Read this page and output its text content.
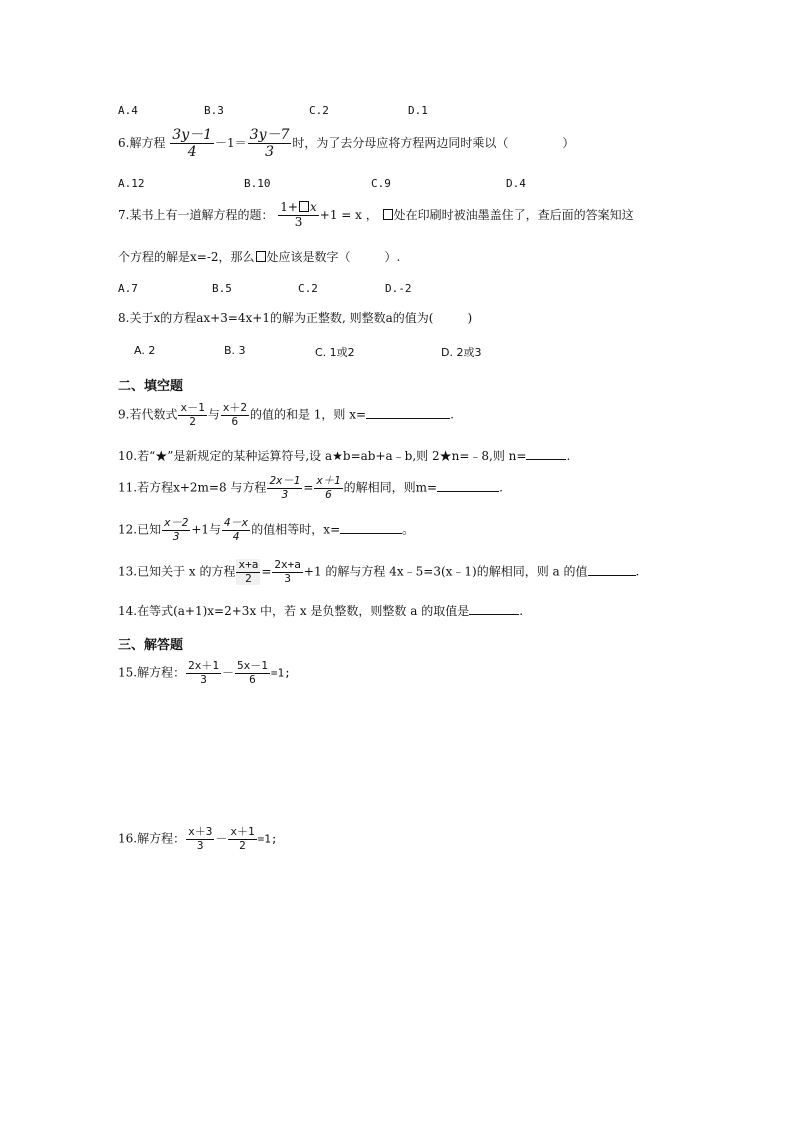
A.4	B.3	C.2	D.1
6.解方程 $\frac{3y-1}{4} -1= \frac{3y-7}{3}$ 时，为了去分母应将方程两边同时乘以（	）
A.12	B.10	C.9	D.4
7.某书上有一道解方程的题： $\frac{1+ x}{3} +1 = x$ ， 处在印刷时被油墨盖住了，查后面的答案知这
个方程的解是x=-2，那么 处应该是数字（	）.
A.7	B.5	C.2	D.-2
8.关于x的方程ax+3=4x+1的解为正整数, 则整数a的值为(	)
A. 2	B. 3	C. 1或2	D. 2或3
二、填空题
9.若代数式 $\frac{x-1}{2}$ 与 $\frac{x+2}{6}$ 的值的和是 1，则 x=	.
10.若“★”是新规定的某种运算符号,设 a★b=ab+a﹣b,则 2★n=﹣8,则 n=	.
11.若方程x+2m=8 与方程 $\frac{2x-1}{3} = \frac{x+1}{6}$ 的解相同，则m=	.
12.已知 $\frac{x-2}{3} +1$与 $\frac{4-x}{4}$ 的值相等时，x=	。
13.已知关于 x 的方程 $\frac{x+a}{2} = \frac{2x+a}{3} +1$ 的解与方程 4x﹣5=3(x﹣1)的解相同，则 a 的值	.
14.在等式(a+1)x=2+3x 中，若 x 是负整数，则整数 a 的取值是	.
三、解答题
15.解方程： $\frac{2x+1}{3} - \frac{5x-1}{6} =1$;
16.解方程： $\frac{x+3}{3} - \frac{x+1}{2} =1$;
